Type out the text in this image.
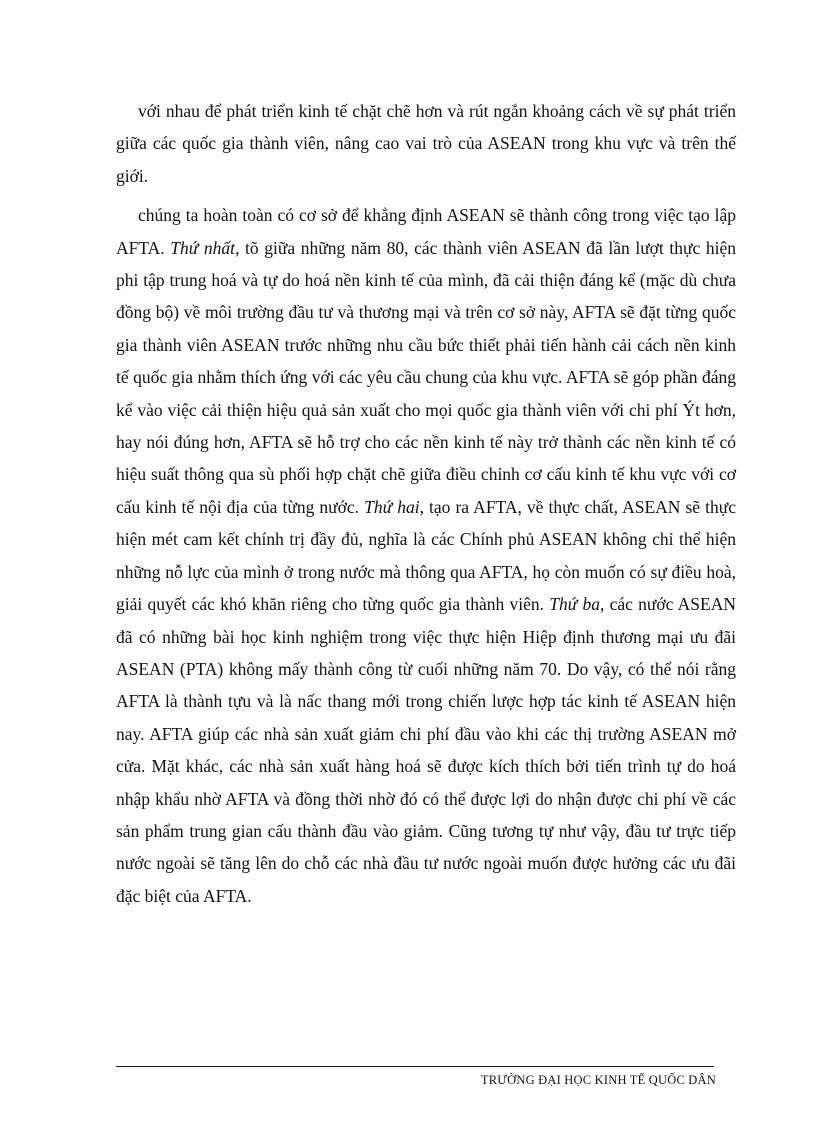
với nhau để phát triển kinh tế chặt chẽ hơn và rút ngắn khoảng cách về sự phát triển giữa các quốc gia thành viên, nâng cao vai trò của ASEAN trong khu vực và trên thế giới.

chúng ta hoàn toàn có cơ sở để khẳng định ASEAN sẽ thành công trong việc tạo lập AFTA. Thứ nhất, tõ giữa những năm 80, các thành viên ASEAN đã lần lượt thực hiện phi tập trung hoá và tự do hoá nền kinh tế của mình, đã cải thiện đáng kể (mặc dù chưa đồng bộ) về môi trường đầu tư và thương mại và trên cơ sở này, AFTA sẽ đặt từng quốc gia thành viên ASEAN trước những nhu cầu bức thiết phải tiến hành cải cách nền kinh tế quốc gia nhằm thích ứng với các yêu cầu chung của khu vực. AFTA sẽ góp phần đáng kể vào việc cải thiện hiệu quả sản xuất cho mọi quốc gia thành viên với chi phí Ýt hơn, hay nói đúng hơn, AFTA sẽ hỗ trợ cho các nền kinh tế này trở thành các nền kinh tế có hiệu suất thông qua sù phối hợp chặt chẽ giữa điều chỉnh cơ cấu kinh tế khu vực với cơ cấu kinh tế nội địa của từng nước. Thứ hai, tạo ra AFTA, về thực chất, ASEAN sẽ thực hiện mét cam kết chính trị đầy đủ, nghĩa là các Chính phủ ASEAN không chỉ thể hiện những nỗ lực của mình ở trong nước mà thông qua AFTA, họ còn muốn có sự điều hoà, giải quyết các khó khăn riêng cho từng quốc gia thành viên. Thứ ba, các nước ASEAN đã có những bài học kinh nghiệm trong việc thực hiện Hiệp định thương mại ưu đãi ASEAN (PTA) không mấy thành công từ cuối những năm 70. Do vậy, có thể nói rằng AFTA là thành tựu và là nấc thang mới trong chiến lược hợp tác kinh tế ASEAN hiện nay. AFTA giúp các nhà sản xuất giảm chi phí đầu vào khi các thị trường ASEAN mở cửa. Mặt khác, các nhà sản xuất hàng hoá sẽ được kích thích bởi tiến trình tự do hoá nhập khẩu nhờ AFTA và đồng thời nhờ đó có thể được lợi do nhận được chi phí về các sản phẩm trung gian cấu thành đầu vào giảm. Cũng tương tự như vậy, đầu tư trực tiếp nước ngoài sẽ tăng lên do chỗ các nhà đầu tư nước ngoài muốn được hưởng các ưu đãi đặc biệt của AFTA.

TRƯỜNG ĐẠI HỌC KINH TẾ QUỐC DÂN
